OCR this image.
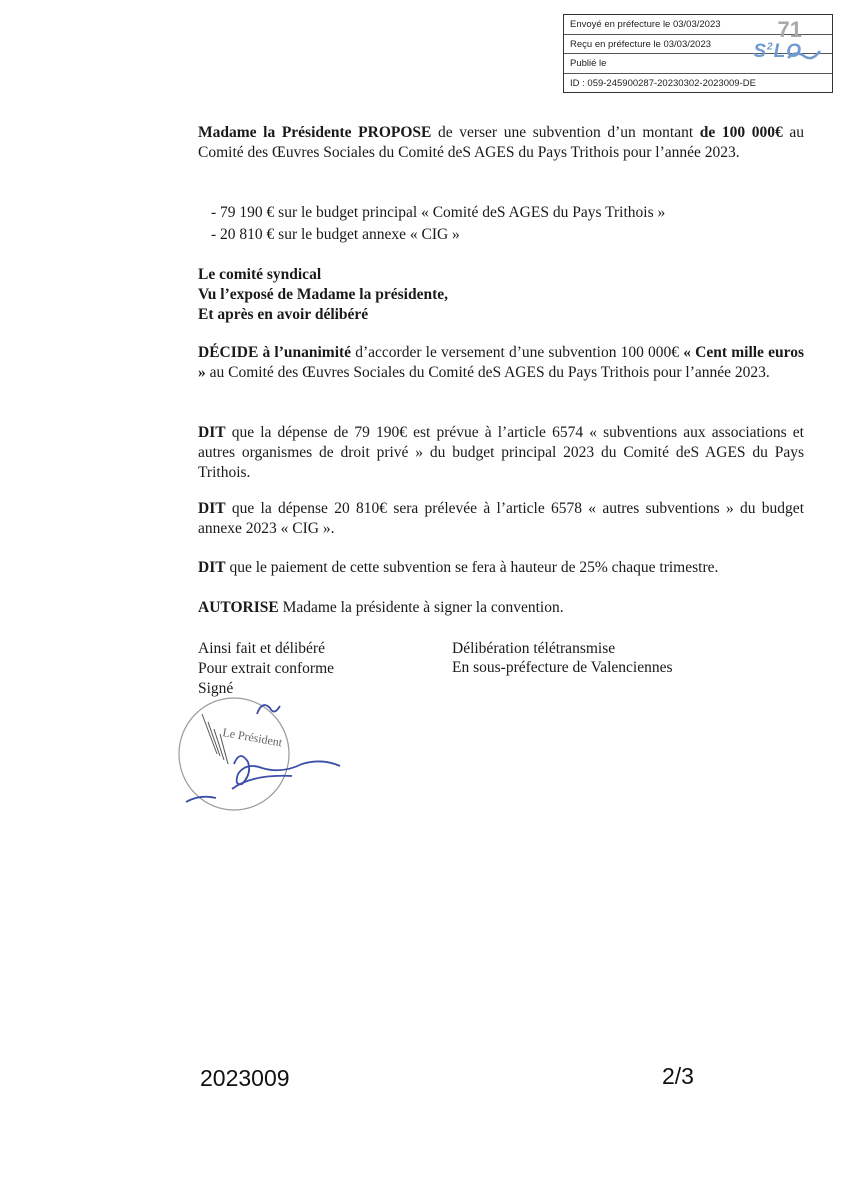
Envoyé en préfecture le 03/03/2023
Reçu en préfecture le 03/03/2023
Publié le
ID : 059-245900287-20230302-2023009-DE
71
$S^2LO$
Madame la Présidente PROPOSE de verser une subvention d’un montant de 100 000€ au Comité des Œuvres Sociales du Comité deS AGES du Pays Trithois pour l’année 2023.
- 79 190 € sur le budget principal « Comité deS AGES du Pays Trithois »
- 20 810 € sur le budget annexe « CIG »
Le comité syndical
Vu l’exposé de Madame la présidente,
Et après en avoir délibéré
DÉCIDE à l’unanimité d’accorder le versement d’une subvention 100 000€ « Cent mille euros » au Comité des Œuvres Sociales du Comité deS AGES du Pays Trithois pour l’année 2023.
DIT que la dépense de 79 190€ est prévue à l’article 6574 « subventions aux associations et autres organismes de droit privé » du budget principal 2023 du Comité deS AGES du Pays Trithois.
DIT que la dépense 20 810€ sera prélevée à l’article 6578 « autres subventions » du budget annexe 2023 « CIG ».
DIT que le paiement de cette subvention se fera à hauteur de 25% chaque trimestre.
AUTORISE Madame la présidente à signer la convention.
Ainsi fait et délibéré
Pour extrait conforme
Signé
Délibération télétransmise
En sous-préfecture de Valenciennes
Le Président
2023009	2/3
